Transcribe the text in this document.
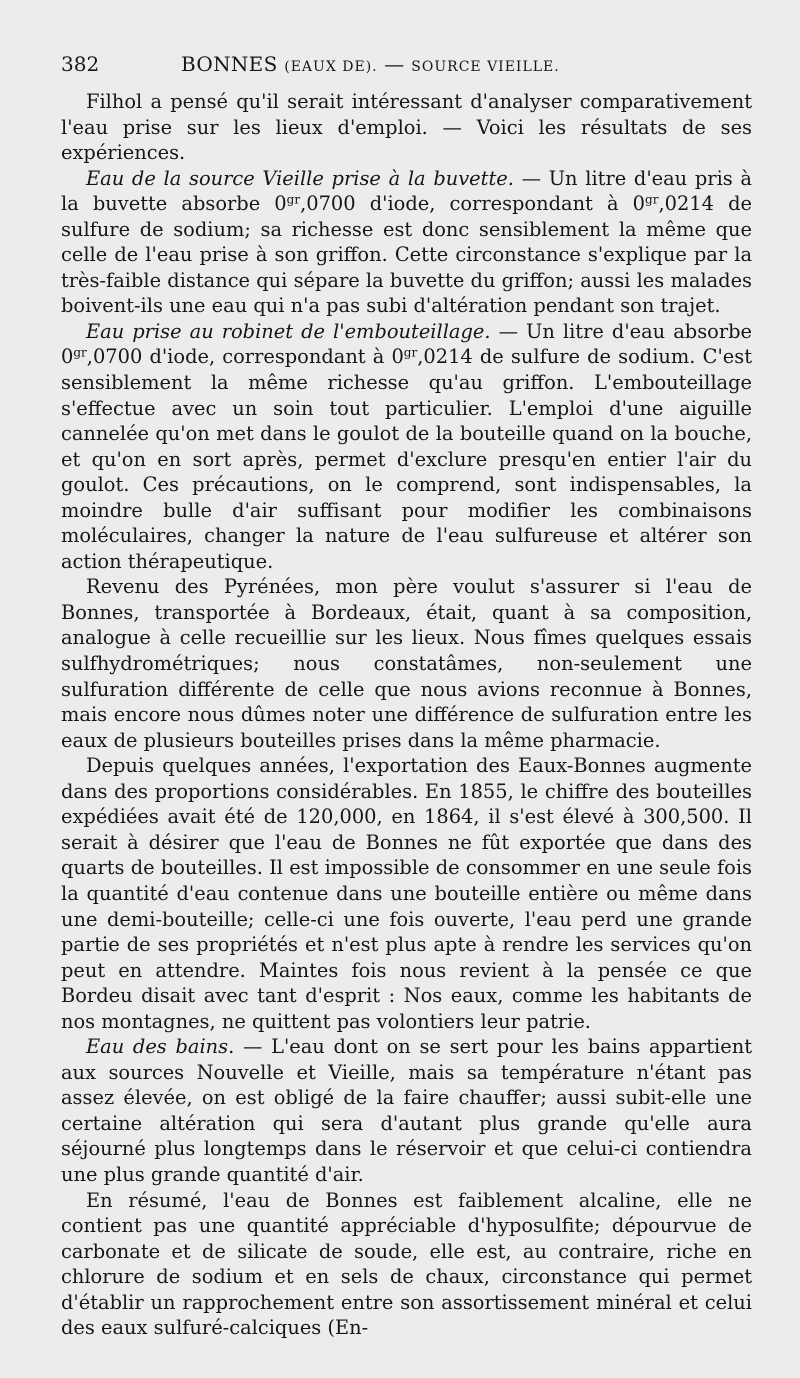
382	BONNES (EAUX DE). — SOURCE VIEILLE.

Filhol a pensé qu'il serait intéressant d'analyser comparativement l'eau prise sur les lieux d'emploi. — Voici les résultats de ses expériences.

Eau de la source Vieille prise à la buvette. — Un litre d'eau pris à la buvette absorbe $0^{gr},0700$ d'iode, correspondant à $0^{gr},0214$ de sulfure de sodium; sa richesse est donc sensiblement la même que celle de l'eau prise à son griffon. Cette circonstance s'explique par la très-faible distance qui sépare la buvette du griffon; aussi les malades boivent-ils une eau qui n'a pas subi d'altération pendant son trajet.

Eau prise au robinet de l'embouteillage. — Un litre d'eau absorbe $0^{gr},0700$ d'iode, correspondant à $0^{gr},0214$ de sulfure de sodium. C'est sensiblement la même richesse qu'au griffon. L'embouteillage s'effectue avec un soin tout particulier. L'emploi d'une aiguille cannelée qu'on met dans le goulot de la bouteille quand on la bouche, et qu'on en sort après, permet d'exclure presqu'en entier l'air du goulot. Ces précautions, on le comprend, sont indispensables, la moindre bulle d'air suffisant pour modifier les combinaisons moléculaires, changer la nature de l'eau sulfureuse et altérer son action thérapeutique.

Revenu des Pyrénées, mon père voulut s'assurer si l'eau de Bonnes, transportée à Bordeaux, était, quant à sa composition, analogue à celle recueillie sur les lieux. Nous fîmes quelques essais sulfhydrométriques; nous constatâmes, non-seulement une sulfuration différente de celle que nous avions reconnue à Bonnes, mais encore nous dûmes noter une différence de sulfuration entre les eaux de plusieurs bouteilles prises dans la même pharmacie.

Depuis quelques années, l'exportation des Eaux-Bonnes augmente dans des proportions considérables. En 1855, le chiffre des bouteilles expédiées avait été de 120,000, en 1864, il s'est élevé à 300,500. Il serait à désirer que l'eau de Bonnes ne fût exportée que dans des quarts de bouteilles. Il est impossible de consommer en une seule fois la quantité d'eau contenue dans une bouteille entière ou même dans une demi-bouteille; celle-ci une fois ouverte, l'eau perd une grande partie de ses propriétés et n'est plus apte à rendre les services qu'on peut en attendre. Maintes fois nous revient à la pensée ce que Bordeu disait avec tant d'esprit : Nos eaux, comme les habitants de nos montagnes, ne quittent pas volontiers leur patrie.

Eau des bains. — L'eau dont on se sert pour les bains appartient aux sources Nouvelle et Vieille, mais sa température n'étant pas assez élevée, on est obligé de la faire chauffer; aussi subit-elle une certaine altération qui sera d'autant plus grande qu'elle aura séjourné plus longtemps dans le réservoir et que celui-ci contiendra une plus grande quantité d'air.

En résumé, l'eau de Bonnes est faiblement alcaline, elle ne contient pas une quantité appréciable d'hyposulfite; dépourvue de carbonate et de silicate de soude, elle est, au contraire, riche en chlorure de sodium et en sels de chaux, circonstance qui permet d'établir un rapprochement entre son assortissement minéral et celui des eaux sulfuré-calciques (En-
